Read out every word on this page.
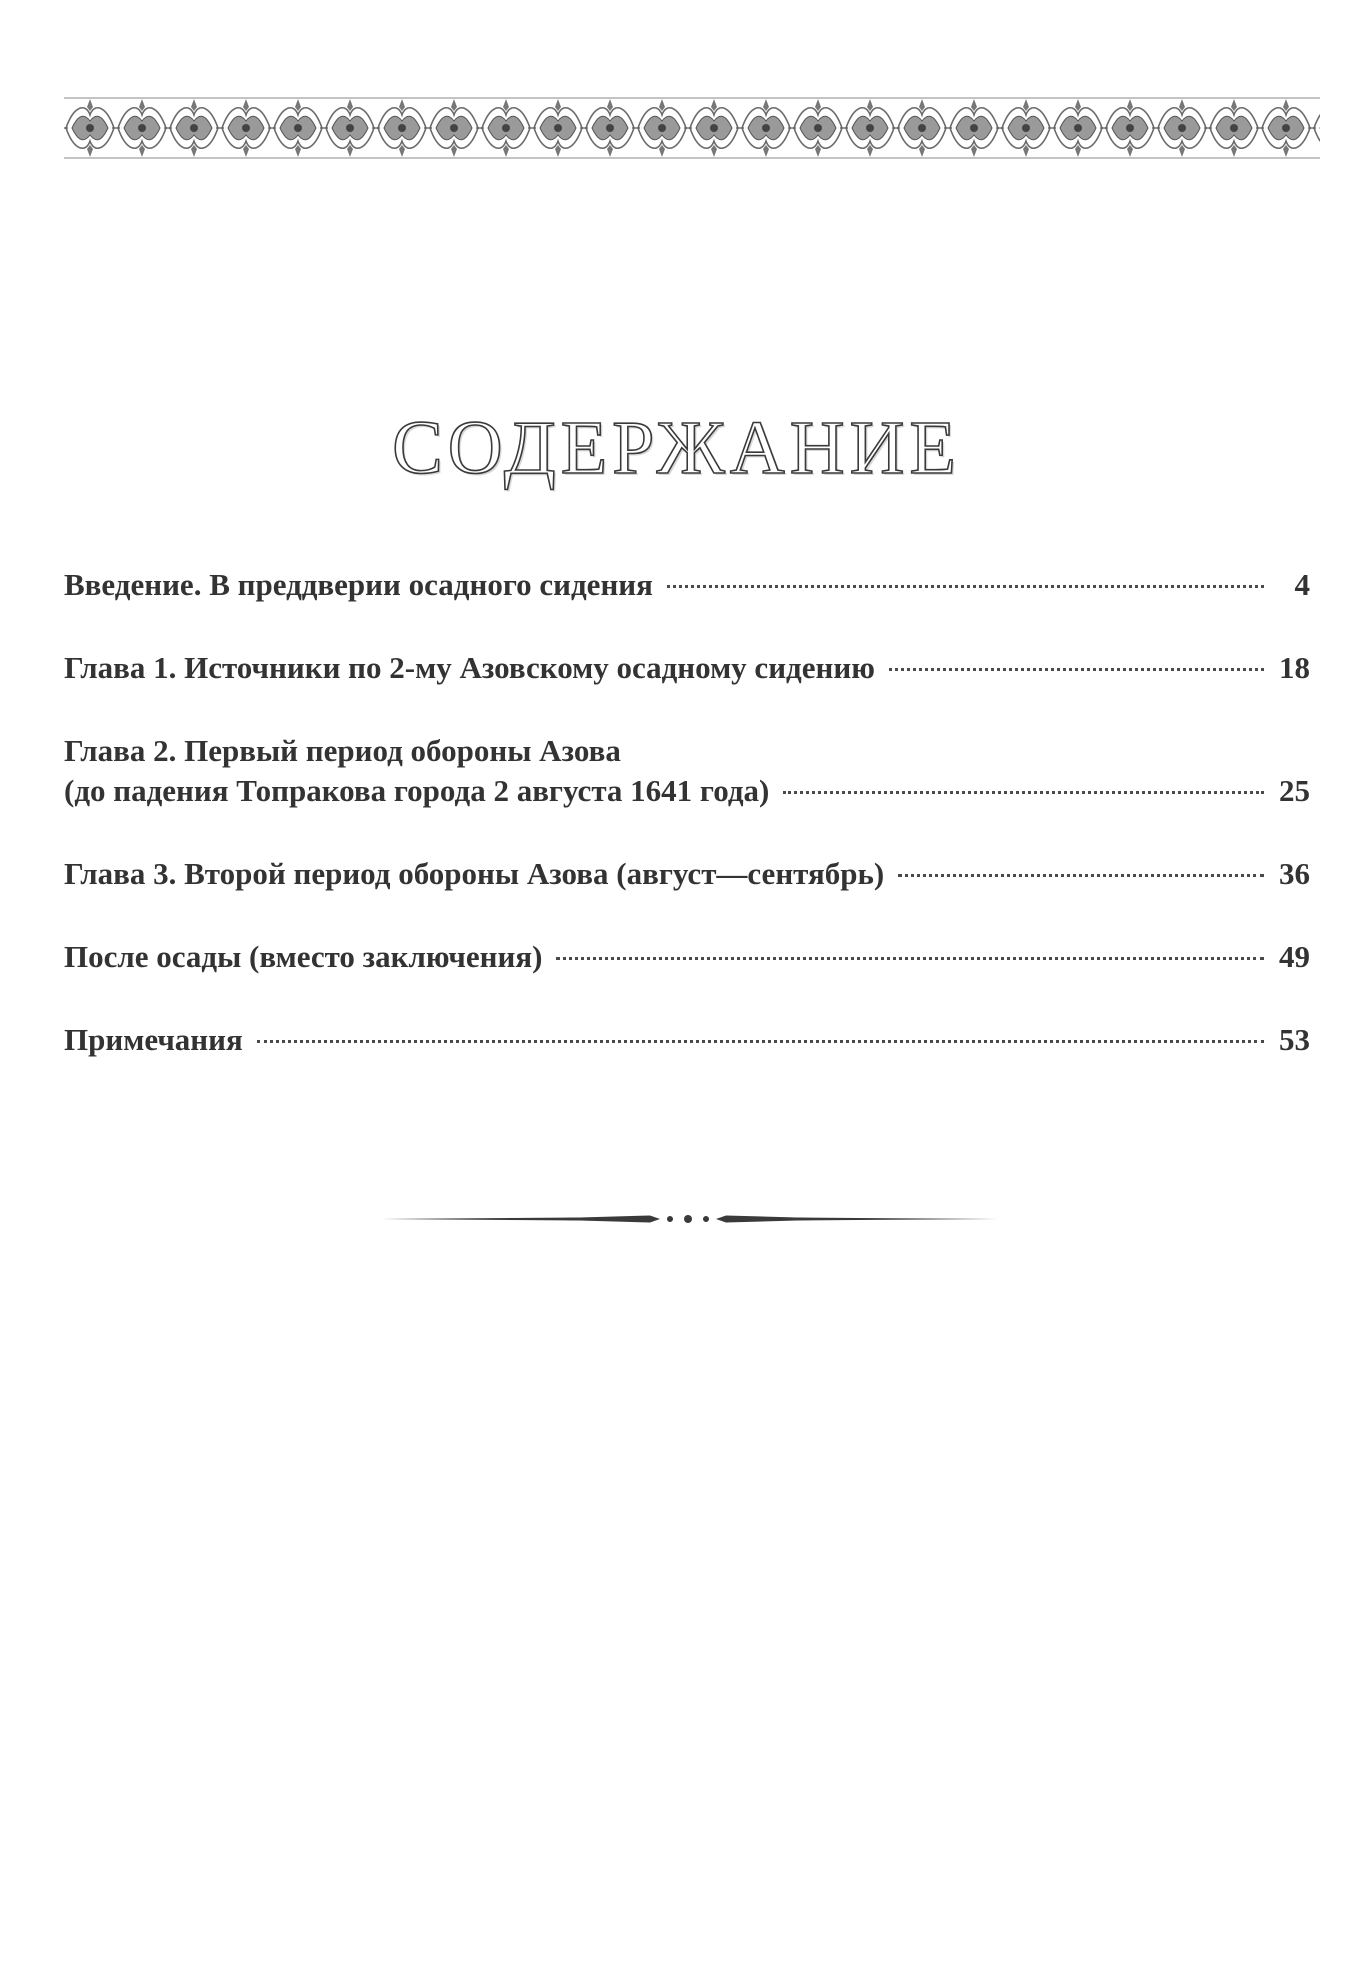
СОДЕРЖАНИЕ
Введение. В преддверии осадного сидения	4
Глава 1. Источники по 2-му Азовскому осадному сидению	18
Глава 2. Первый период обороны Азова
(до падения Топракова города 2 августа 1641 года)	25
Глава 3. Второй период обороны Азова (август—сентябрь)	36
После осады (вместо заключения)	49
Примечания	53
